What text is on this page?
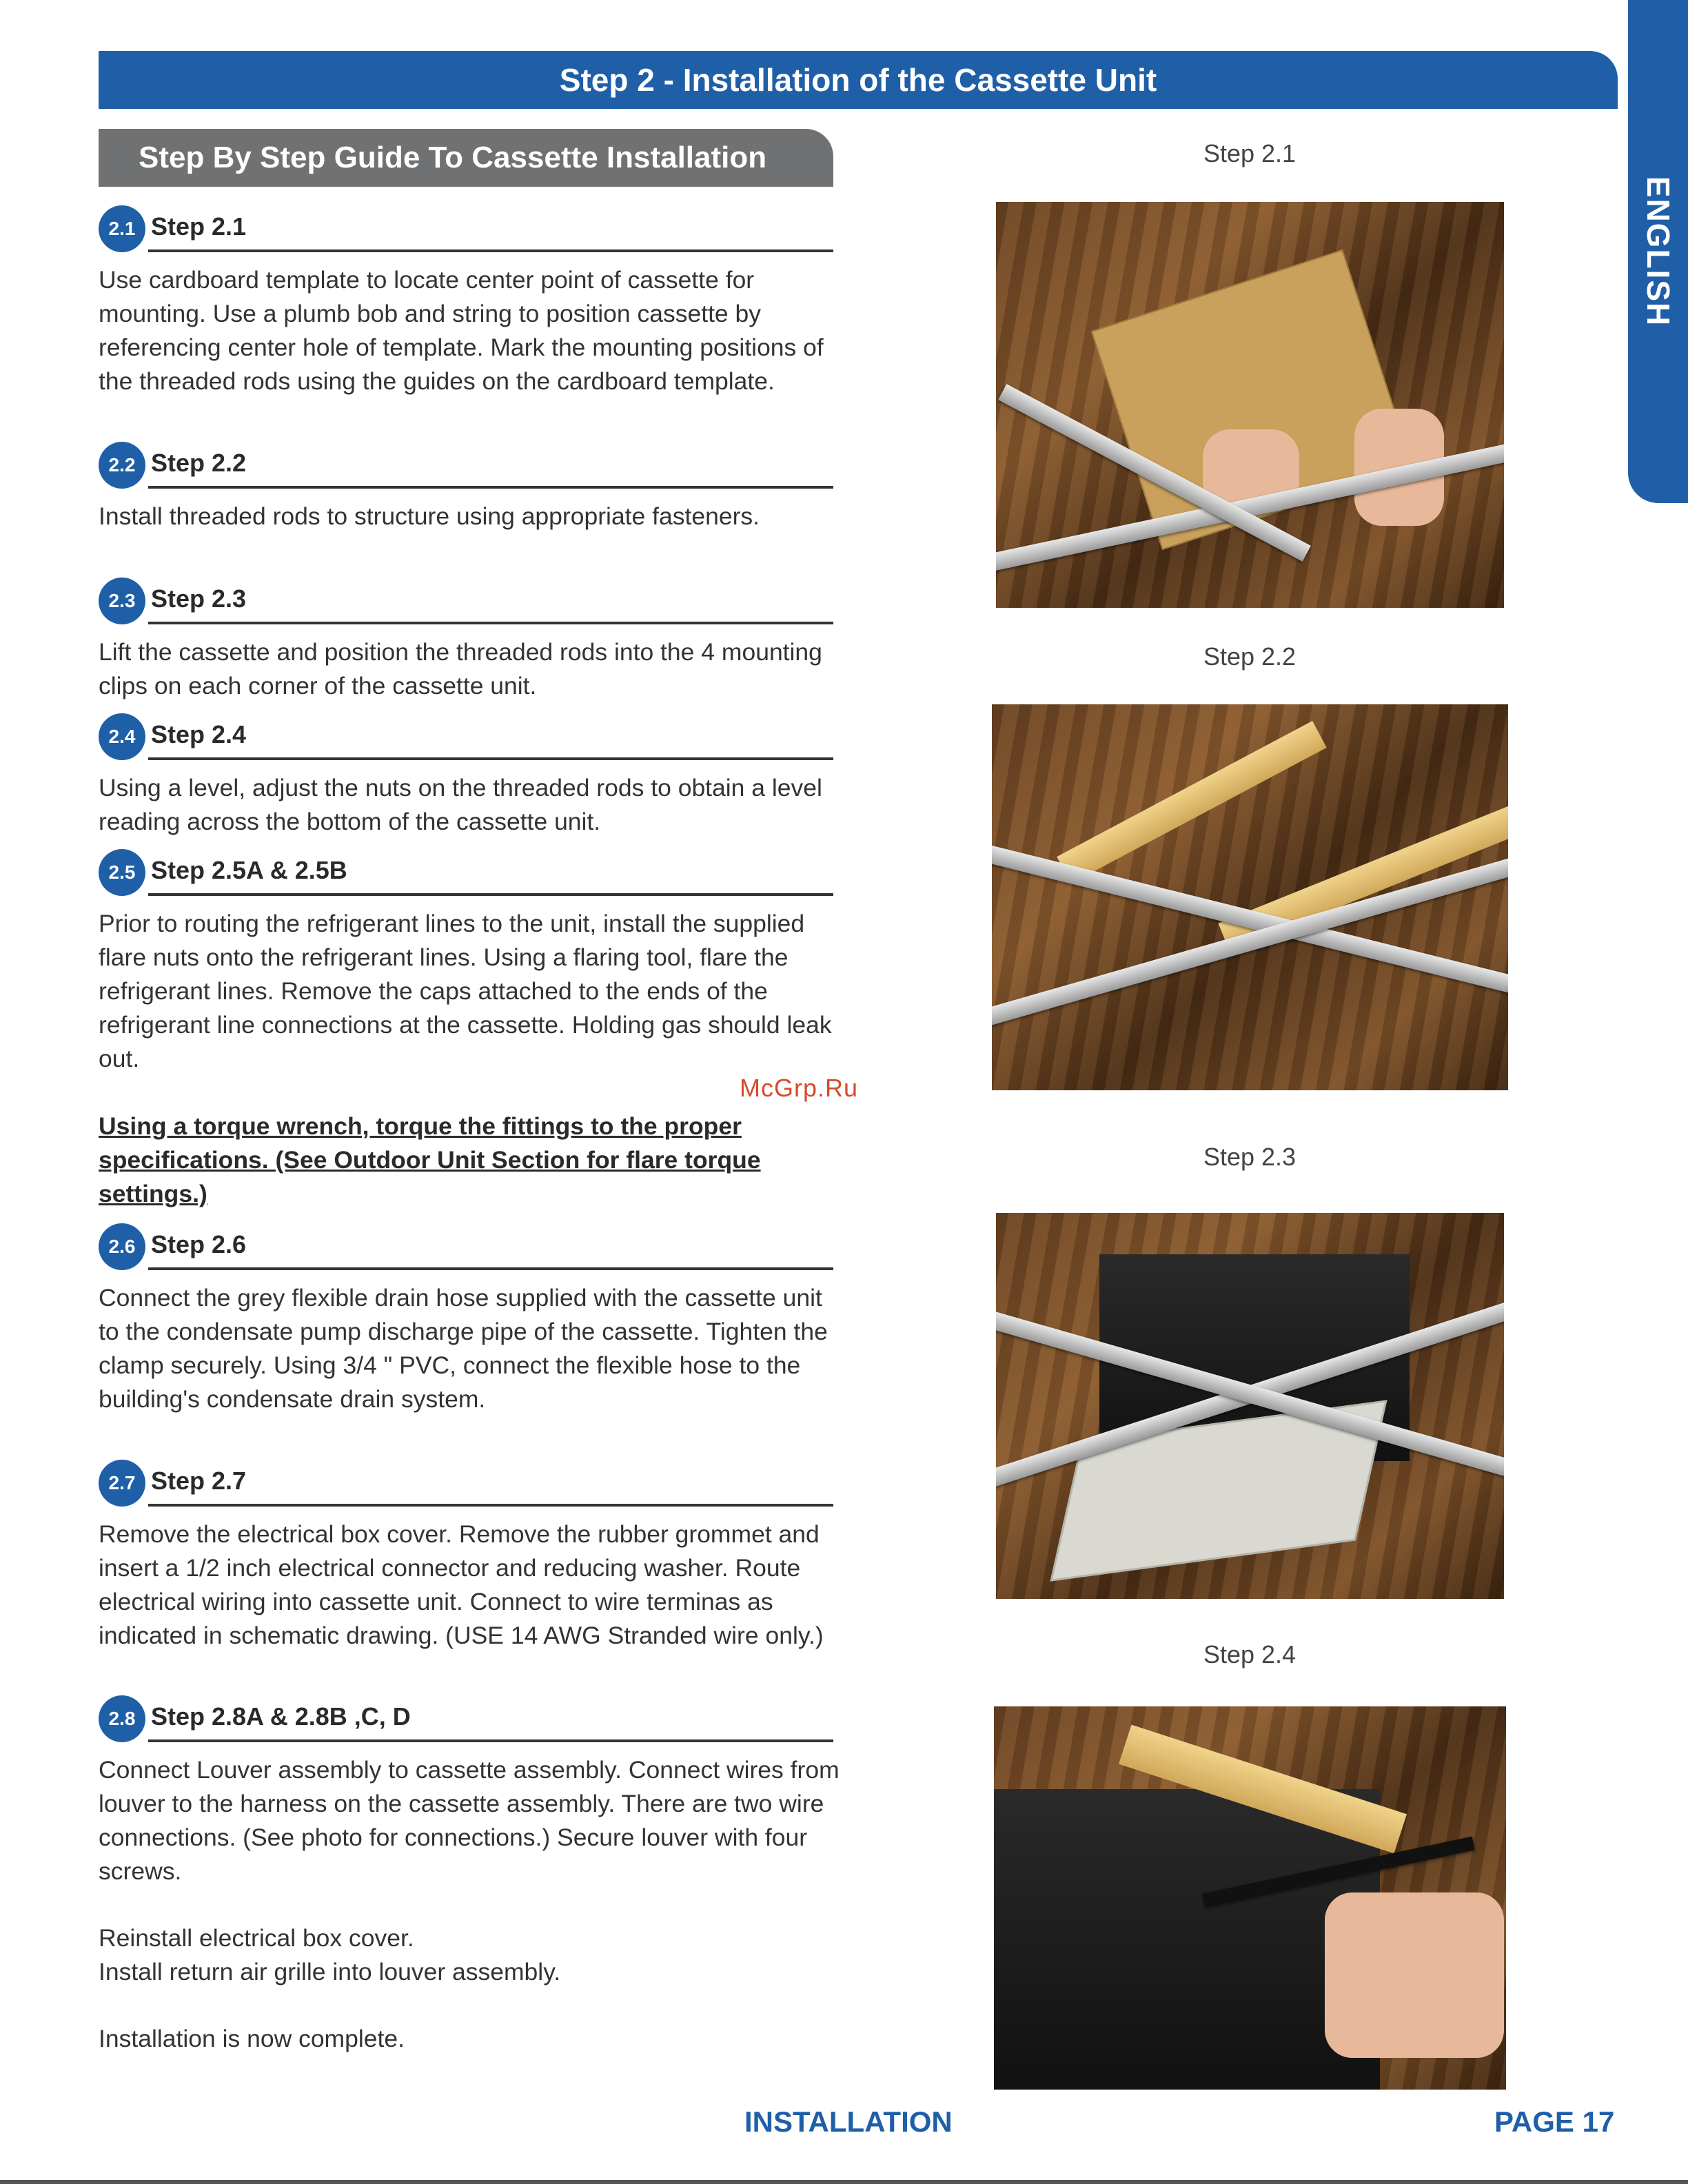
Step 2 - Installation of the Cassette Unit
ENGLISH
Step By Step Guide To Cassette Installation
2.1 Step 2.1

Use cardboard template to locate center point of cassette for mounting. Use a plumb bob and string to position cassette by referencing center hole of template. Mark the mounting positions of the threaded rods using the guides on the cardboard template.

2.2 Step 2.2

Install threaded rods to structure using appropriate fasteners.

2.3 Step 2.3

Lift the cassette and position the threaded rods into the 4 mounting clips on each corner of the cassette unit.

2.4 Step 2.4

Using a level, adjust the nuts on the threaded rods to obtain a level reading across the bottom of the cassette unit.

2.5 Step 2.5A & 2.5B

Prior to routing the refrigerant lines to the unit, install the supplied flare nuts onto the refrigerant lines. Using a flaring tool, flare the refrigerant lines. Remove the caps attached to the ends of the refrigerant line connections at the cassette. Holding gas should leak out.

Using a torque wrench, torque the fittings to the proper specifications. (See Outdoor Unit Section for flare torque settings.)

2.6 Step 2.6

Connect the grey flexible drain hose supplied with the cassette unit to the condensate pump discharge pipe of the cassette. Tighten the clamp securely. Using 3/4 " PVC, connect the flexible hose to the building's condensate drain system.

2.7 Step 2.7

Remove the electrical box cover. Remove the rubber grommet and insert a 1/2 inch electrical connector and reducing washer. Route electrical wiring into cassette unit. Connect to wire terminas as indicated in schematic drawing. (USE 14 AWG Stranded wire only.)

2.8 Step 2.8A & 2.8B ,C, D

Connect Louver assembly to cassette assembly. Connect wires from louver to the harness on the cassette assembly. There are two wire connections. (See photo for connections.) Secure louver with four screws.

Reinstall electrical box cover.

Install return air grille into louver assembly.

Installation is now complete.

McGrp.Ru
Step 2.1
Step 2.2
Step 2.3
Step 2.4
INSTALLATION	PAGE 17
